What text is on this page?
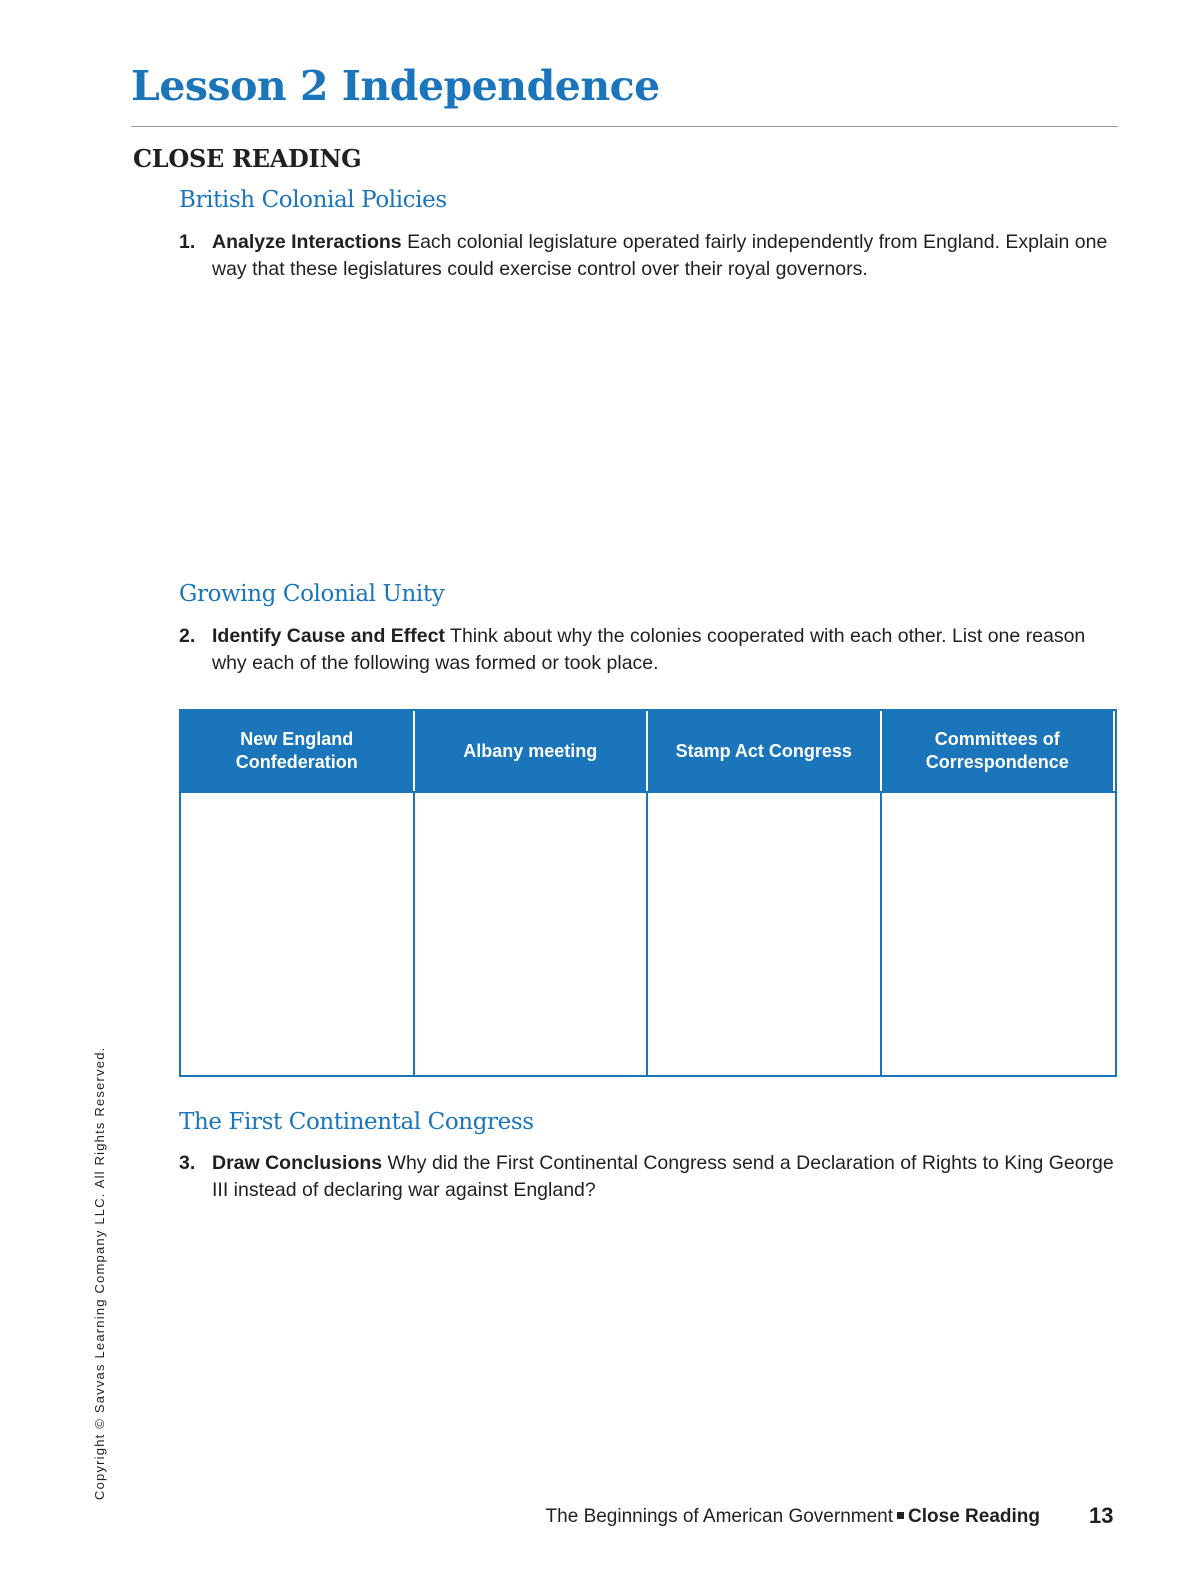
Lesson 2 Independence
CLOSE READING
British Colonial Policies
1. Analyze Interactions Each colonial legislature operated fairly independently from England. Explain one way that these legislatures could exercise control over their royal governors.
Growing Colonial Unity
2. Identify Cause and Effect Think about why the colonies cooperated with each other. List one reason why each of the following was formed or took place.
New England Confederation
Albany meeting	Stamp Act Congress
Committees of Correspondence
The First Continental Congress
3. Draw Conclusions Why did the First Continental Congress send a Declaration of Rights to King George III instead of declaring war against England?
Copyright © Savvas Learning Company LLC. All Rights Reserved.
The Beginnings of American Government Close Reading 13
